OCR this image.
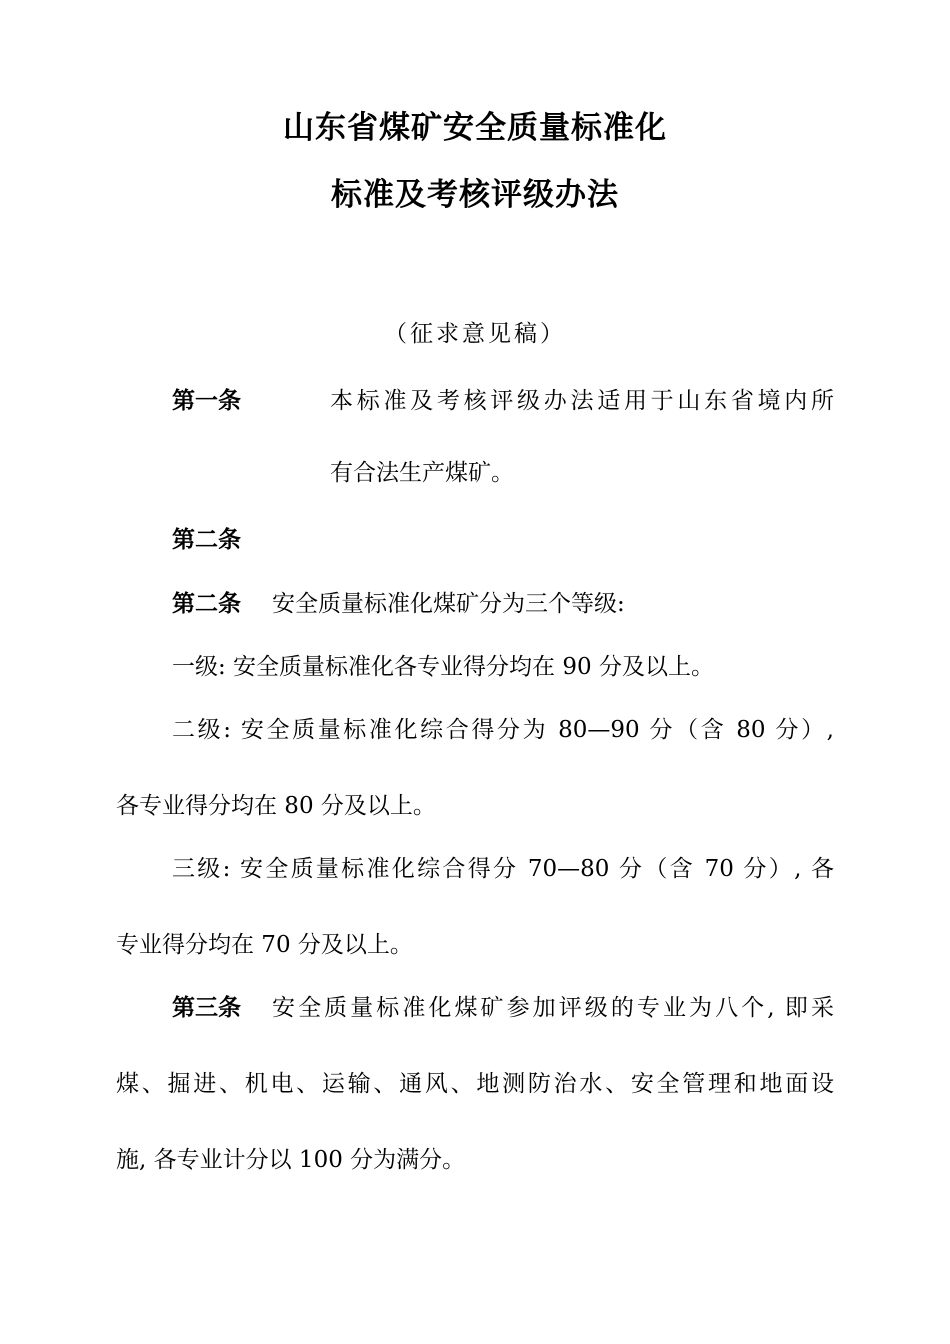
山东省煤矿安全质量标准化
标准及考核评级办法
（征求意见稿）
第一条	本标准及考核评级办法适用于山东省境内所
有合法生产煤矿。
第二条
第二条 安全质量标准化煤矿分为三个等级:
一级: 安全质量标准化各专业得分均在 90 分及以上。
二级: 安全质量标准化综合得分为 80—90 分（含 80 分）,
各专业得分均在 80 分及以上。
三级: 安全质量标准化综合得分 70—80 分（含 70 分）, 各
专业得分均在 70 分及以上。
第三条 安全质量标准化煤矿参加评级的专业为八个, 即采
煤、掘进、机电、运输、通风、地测防治水、安全管理和地面设
施, 各专业计分以 100 分为满分。
